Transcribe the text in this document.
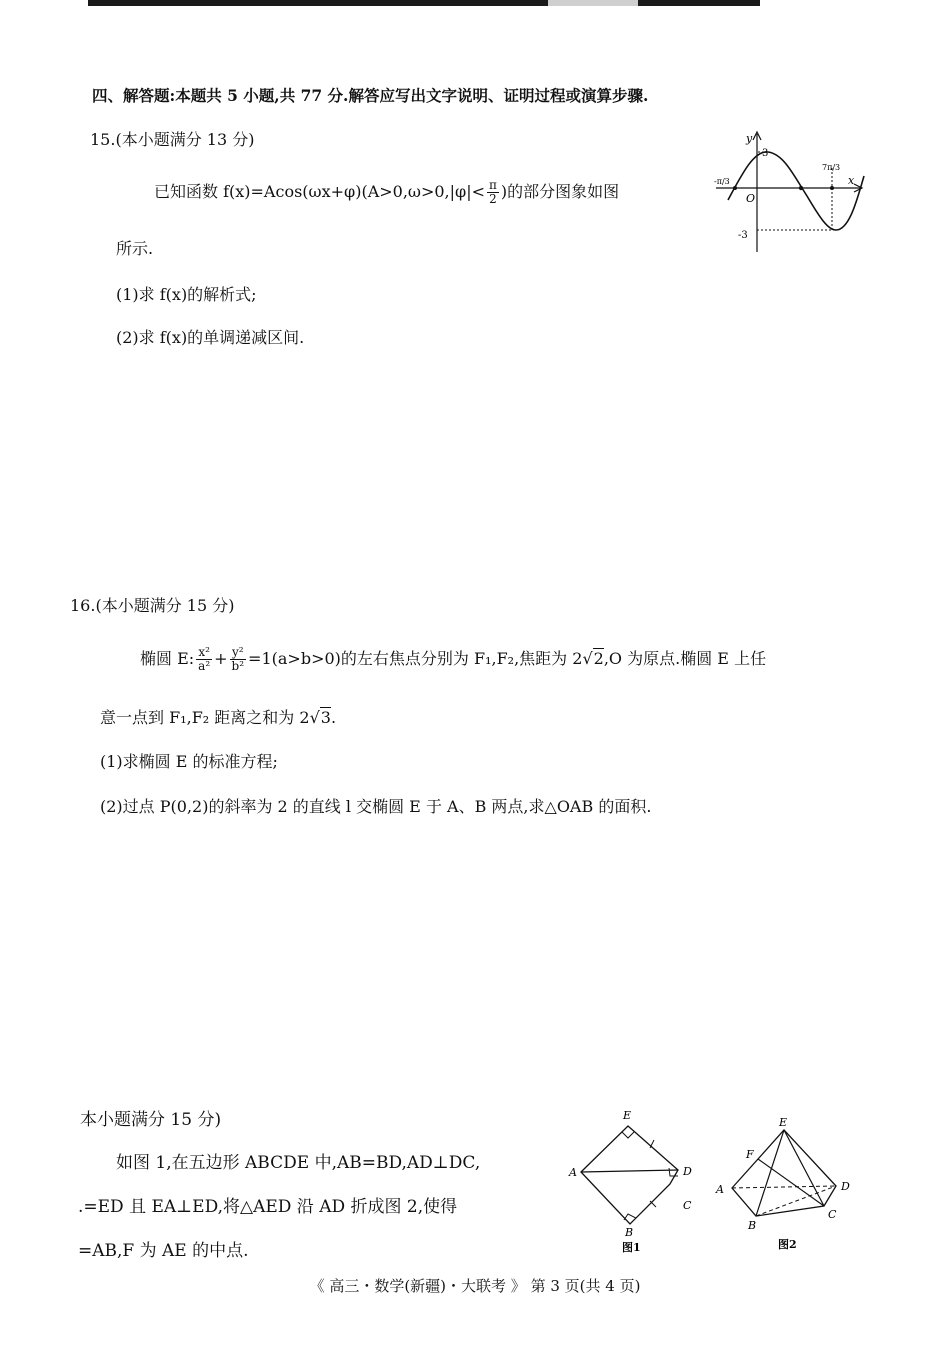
四、解答题:本题共 5 小题,共 77 分.解答应写出文字说明、证明过程或演算步骤.
15.(本小题满分 13 分)
已知函数 $f(x)=Acos(\omega x+\varphi)(A>0,\omega>0,|\varphi|< \frac{\pi}{2}$ )的部分图象如图
所示.
(1)求 f(x)的解析式;
(2)求 f(x)的单调递减区间.
y
3
x
O
-π/3
7π/3
-3
16.(本小题满分 15 分)
椭圆 E: $\frac{\text{x²}}{\text{a²}} + \frac{\text{y²}}{\text{b²}} =1(a>b>0)$的左右焦点分别为 F₁,F₂,焦距为 2√2,O 为原点.椭圆 E 上任
意一点到 F₁,F₂ 距离之和为 2√3.
(1)求椭圆 E 的标准方程;
(2)过点 P(0,2)的斜率为 2 的直线 l 交椭圆 E 于 A、B 两点,求△OAB 的面积.
本小题满分 15 分)
如图 1,在五边形 ABCDE 中,AB=BD,AD⊥DC,
.=ED 且 EA⊥ED,将△AED 沿 AD 折成图 2,使得
=AB,F 为 AE 的中点.
E
A	D
C
B
图1
E
F
A	D
C
B
图2
《 高三・数学(新疆)・大联考 》 第 3 页(共 4 页)
